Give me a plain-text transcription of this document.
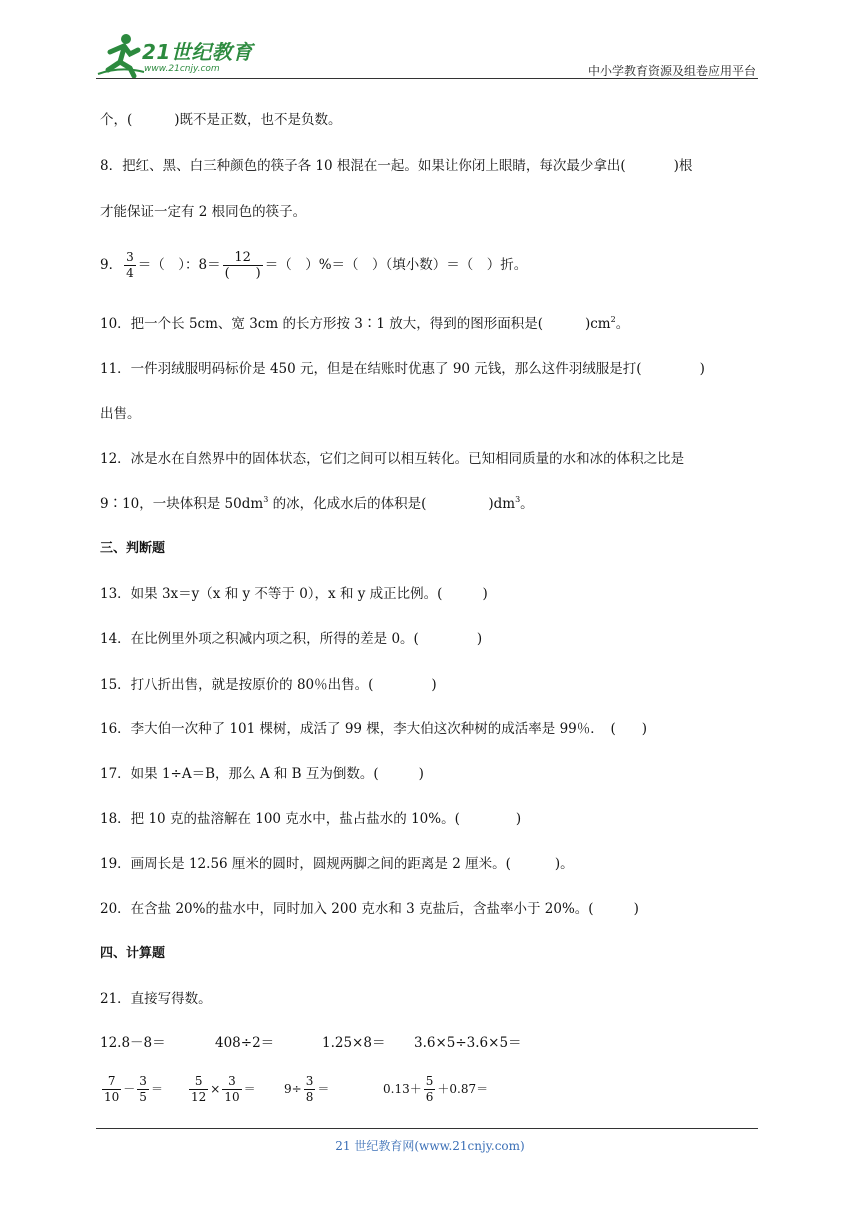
21世纪教育
www.21cnjy.com	中小学教育资源及组卷应用平台
个，(	)既不是正数，也不是负数。
8．把红、黑、白三种颜色的筷子各 10 根混在一起。如果让你闭上眼睛，每次最少拿出(	)根
才能保证一定有 2 根同色的筷子。
9． $\frac{3}{4}$ ＝（　）：$8= \frac{12}{( )}$ ＝（　）%＝（　）（填小数）＝（　）折。
10．把一个长 5cm、宽 3cm 的长方形按 3∶1 放大，得到的图形面积是(	)$cm^2$。
11．一件羽绒服明码标价是 450 元，但是在结账时优惠了 90 元钱，那么这件羽绒服是打(	)
出售。
12．冰是水在自然界中的固体状态，它们之间可以相互转化。已知相同质量的水和冰的体积之比是
9∶10，一块体积是 $50dm^3$ 的冰，化成水后的体积是(	)$dm^3$。
三、判断题
13．如果 3x＝y（x 和 y 不等于 0），x 和 y 成正比例。(	)
14．在比例里外项之积减内项之积，所得的差是 0。(	)
15．打八折出售，就是按原价的 80％出售。(	)
16．李大伯一次种了 101 棵树，成活了 99 棵，李大伯这次种树的成活率是 99％．　( )
17．如果 1÷A＝B，那么 A 和 B 互为倒数。(	)
18．把 10 克的盐溶解在 100 克水中，盐占盐水的 10%。(	)
19．画周长是 12.56 厘米的圆时，圆规两脚之间的距离是 2 厘米。(	)。
20．在含盐 20%的盐水中，同时加入 200 克水和 3 克盐后，含盐率小于 20%。(	)
四、计算题
21．直接写得数。
12.8－8＝	408÷2＝	1.25×8＝ 3.6×5÷3.6×5＝
$\frac{7}{10} - \frac{3}{5} = \frac{5}{12} \times \frac{3}{10} = 9\div \frac{3}{8}$ ＝	$0.13+ \frac{5}{6} +0.87=$
21 世纪教育网(www.21cnjy.com)
